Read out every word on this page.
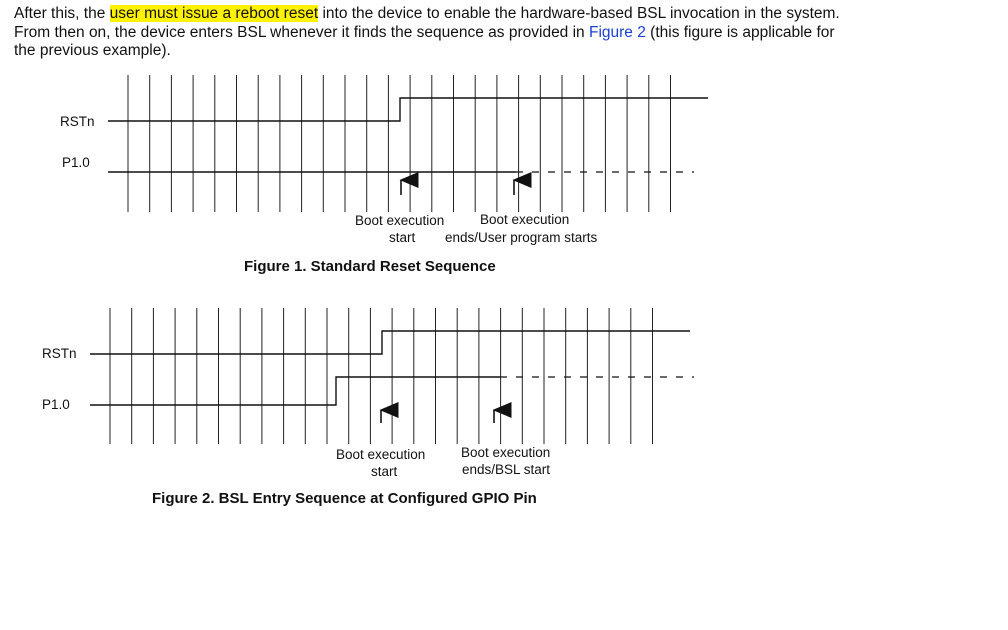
After this, the user must issue a reboot reset into the device to enable the hardware-based BSL invocation in the system. From then on, the device enters BSL whenever it finds the sequence as provided in Figure 2 (this figure is applicable for the previous example).

RSTn
P1.0
Boot execution
start
Boot execution
ends/User program starts
Figure 1. Standard Reset Sequence
RSTn
P1.0
Boot execution
start
Boot execution
ends/BSL start
Figure 2. BSL Entry Sequence at Configured GPIO Pin
